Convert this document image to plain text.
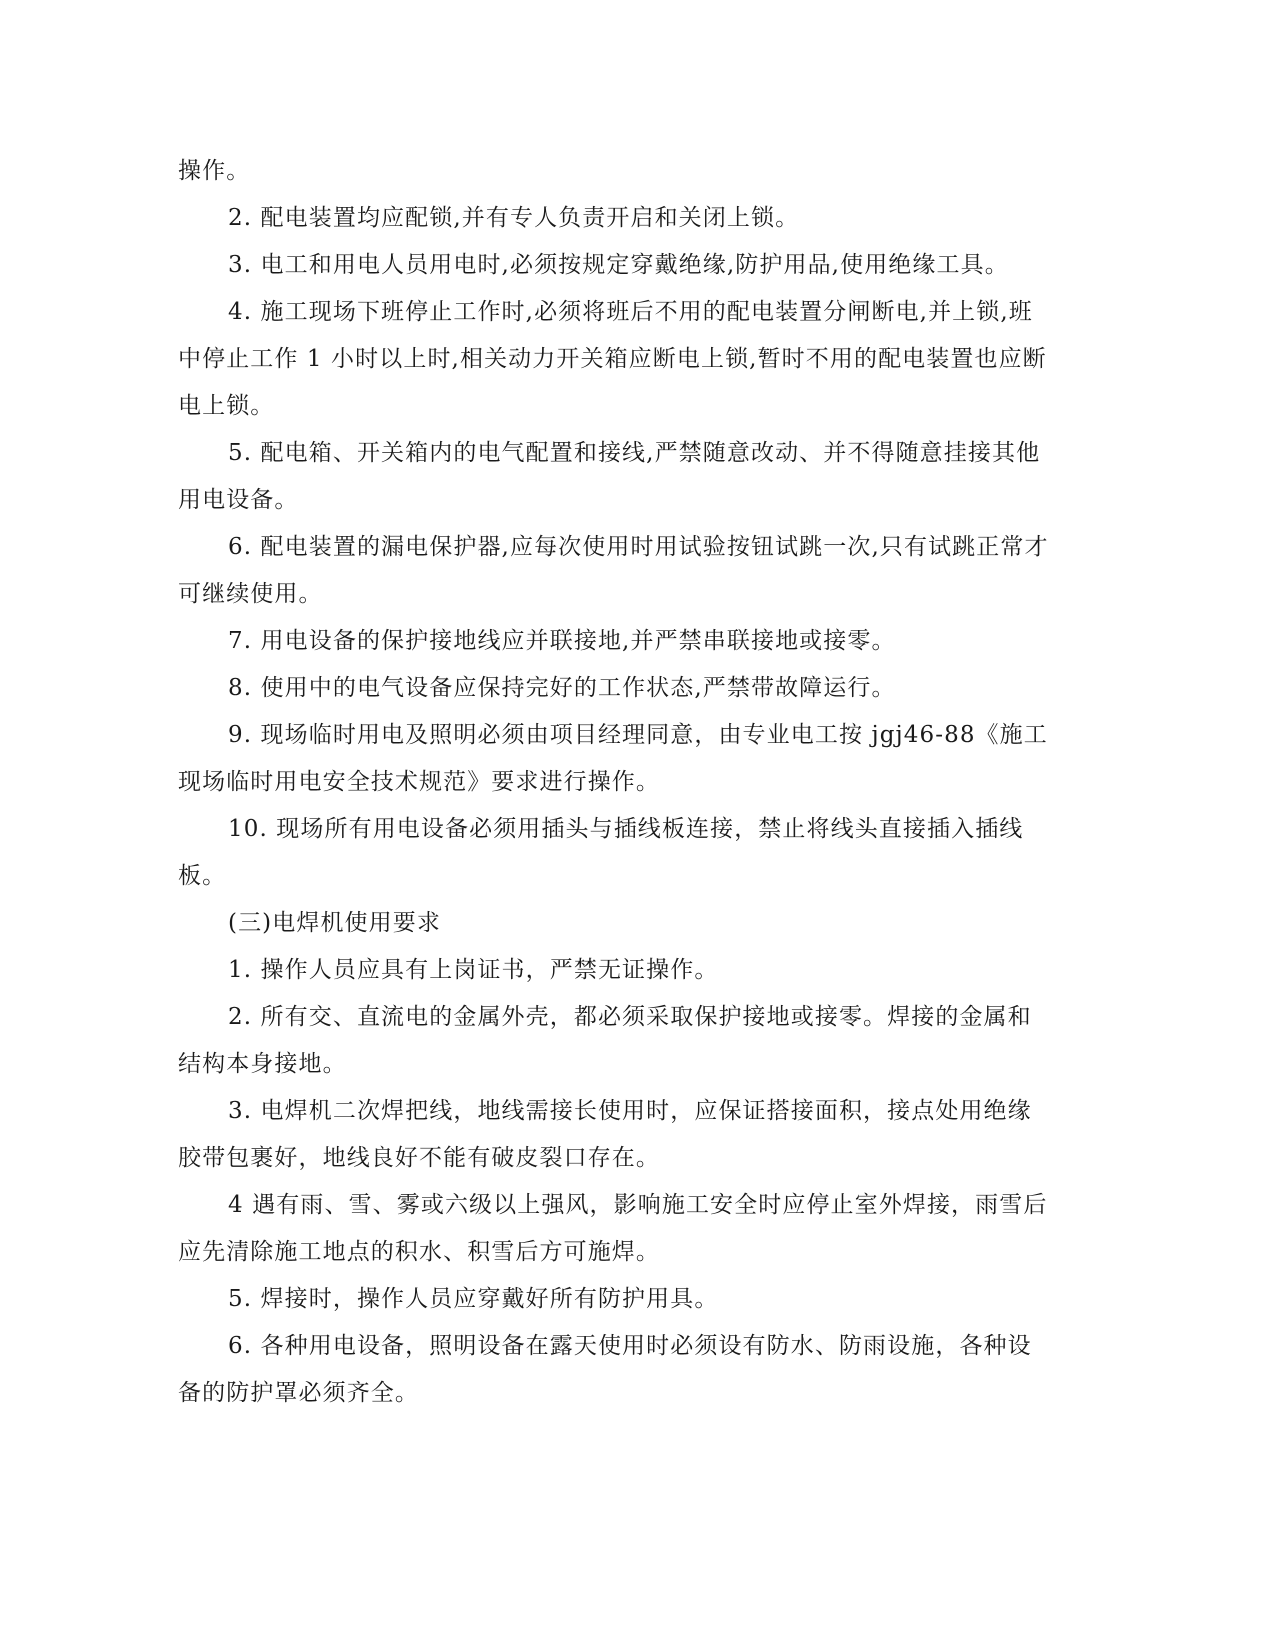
操作。

2. 配电装置均应配锁,并有专人负责开启和关闭上锁。

3. 电工和用电人员用电时,必须按规定穿戴绝缘,防护用品,使用绝缘工具。

4. 施工现场下班停止工作时,必须将班后不用的配电装置分闸断电,并上锁,班中停止工作 1 小时以上时,相关动力开关箱应断电上锁,暂时不用的配电装置也应断电上锁。

5. 配电箱、开关箱内的电气配置和接线,严禁随意改动、并不得随意挂接其他用电设备。

6. 配电装置的漏电保护器,应每次使用时用试验按钮试跳一次,只有试跳正常才可继续使用。

7. 用电设备的保护接地线应并联接地,并严禁串联接地或接零。

8. 使用中的电气设备应保持完好的工作状态,严禁带故障运行。

9. 现场临时用电及照明必须由项目经理同意，由专业电工按 jgj46-88《施工现场临时用电安全技术规范》要求进行操作。

10. 现场所有用电设备必须用插头与插线板连接，禁止将线头直接插入插线板。

(三)电焊机使用要求

1. 操作人员应具有上岗证书，严禁无证操作。

2. 所有交、直流电的金属外壳，都必须采取保护接地或接零。焊接的金属和结构本身接地。

3. 电焊机二次焊把线，地线需接长使用时，应保证搭接面积，接点处用绝缘胶带包裹好，地线良好不能有破皮裂口存在。

4 遇有雨、雪、雾或六级以上强风，影响施工安全时应停止室外焊接，雨雪后应先清除施工地点的积水、积雪后方可施焊。

5. 焊接时，操作人员应穿戴好所有防护用具。

6. 各种用电设备，照明设备在露天使用时必须设有防水、防雨设施，各种设备的防护罩必须齐全。
